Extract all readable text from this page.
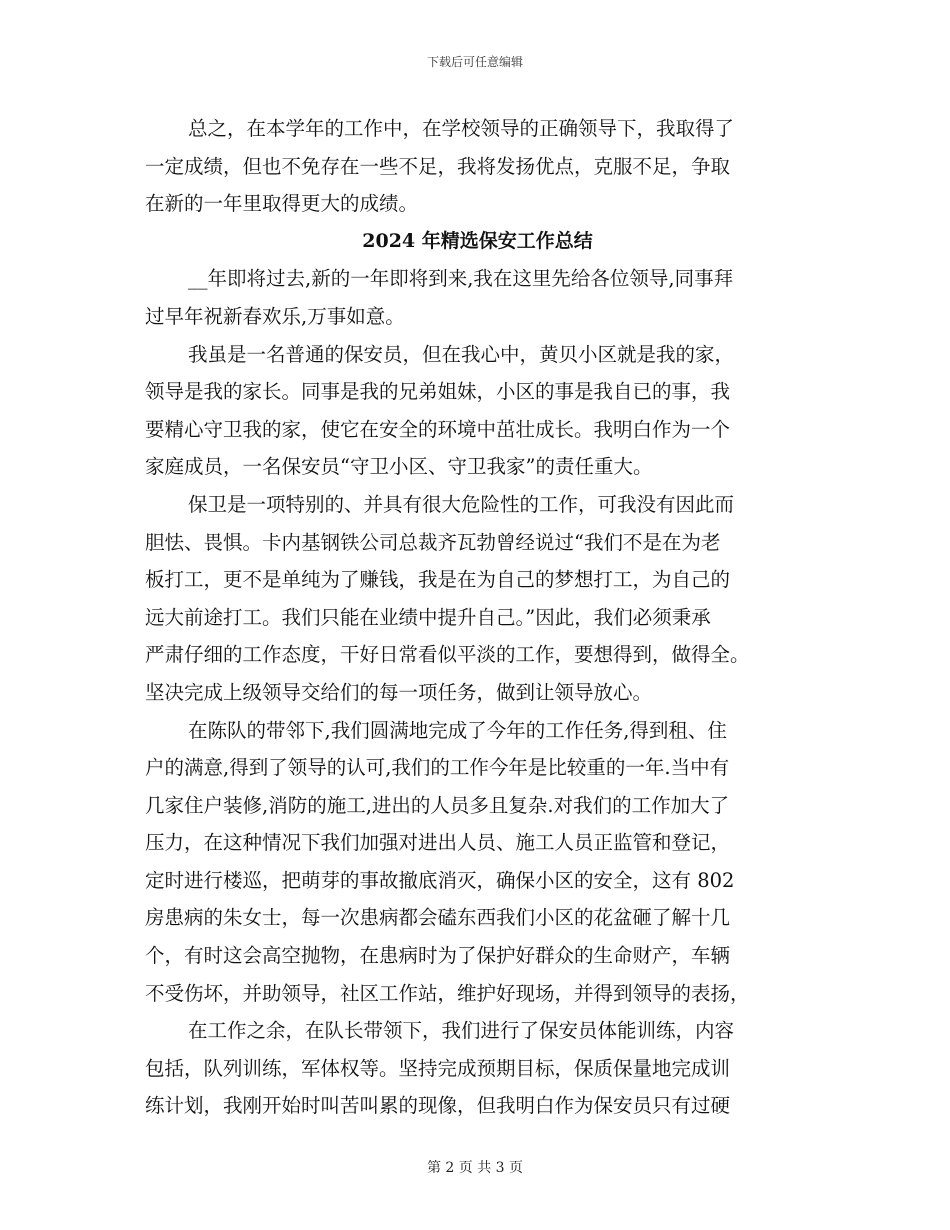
下载后可任意编辑
总之，在本学年的工作中，在学校领导的正确领导下，我取得了
一定成绩，但也不免存在一些不足，我将发扬优点，克服不足，争取
在新的一年里取得更大的成绩。
2024 年精选保安工作总结
__年即将过去,新的一年即将到来,我在这里先给各位领导,同事拜
过早年祝新春欢乐,万事如意。
我虽是一名普通的保安员，但在我心中，黄贝小区就是我的家，
领导是我的家长。同事是我的兄弟姐妹，小区的事是我自已的事，我
要精心守卫我的家，使它在安全的环境中茁壮成长。我明白作为一个
家庭成员，一名保安员“守卫小区、守卫我家”的责任重大。
保卫是一项特别的、并具有很大危险性的工作，可我没有因此而
胆怯、畏惧。卡内基钢铁公司总裁齐瓦勃曾经说过“我们不是在为老
板打工，更不是单纯为了赚钱，我是在为自己的梦想打工，为自己的
远大前途打工。我们只能在业绩中提升自己。”因此，我们必须秉承
严肃仔细的工作态度，干好日常看似平淡的工作，要想得到，做得全。
坚决完成上级领导交给们的每一项任务，做到让领导放心。
在陈队的带邻下,我们圆满地完成了今年的工作任务,得到租、住
户的满意,得到了领导的认可,我们的工作今年是比较重的一年.当中有
几家住户装修,消防的施工,进出的人员多且复杂.对我们的工作加大了
压力，在这种情况下我们加强对进出人员、施工人员正监管和登记，
定时进行楼巡，把萌芽的事故撤底消灭，确保小区的安全，这有 802
房患病的朱女士，每一次患病都会磕东西我们小区的花盆砸了解十几
个，有时这会高空抛物，在患病时为了保护好群众的生命财产，车辆
不受伤坏，并助领导，社区工作站，维护好现场，并得到领导的表扬，
在工作之余，在队长带领下，我们进行了保安员体能训练，内容
包括，队列训练，军体权等。坚持完成预期目标，保质保量地完成训
练计划，我刚开始时叫苦叫累的现像，但我明白作为保安员只有过硬
第 2 页 共 3 页
